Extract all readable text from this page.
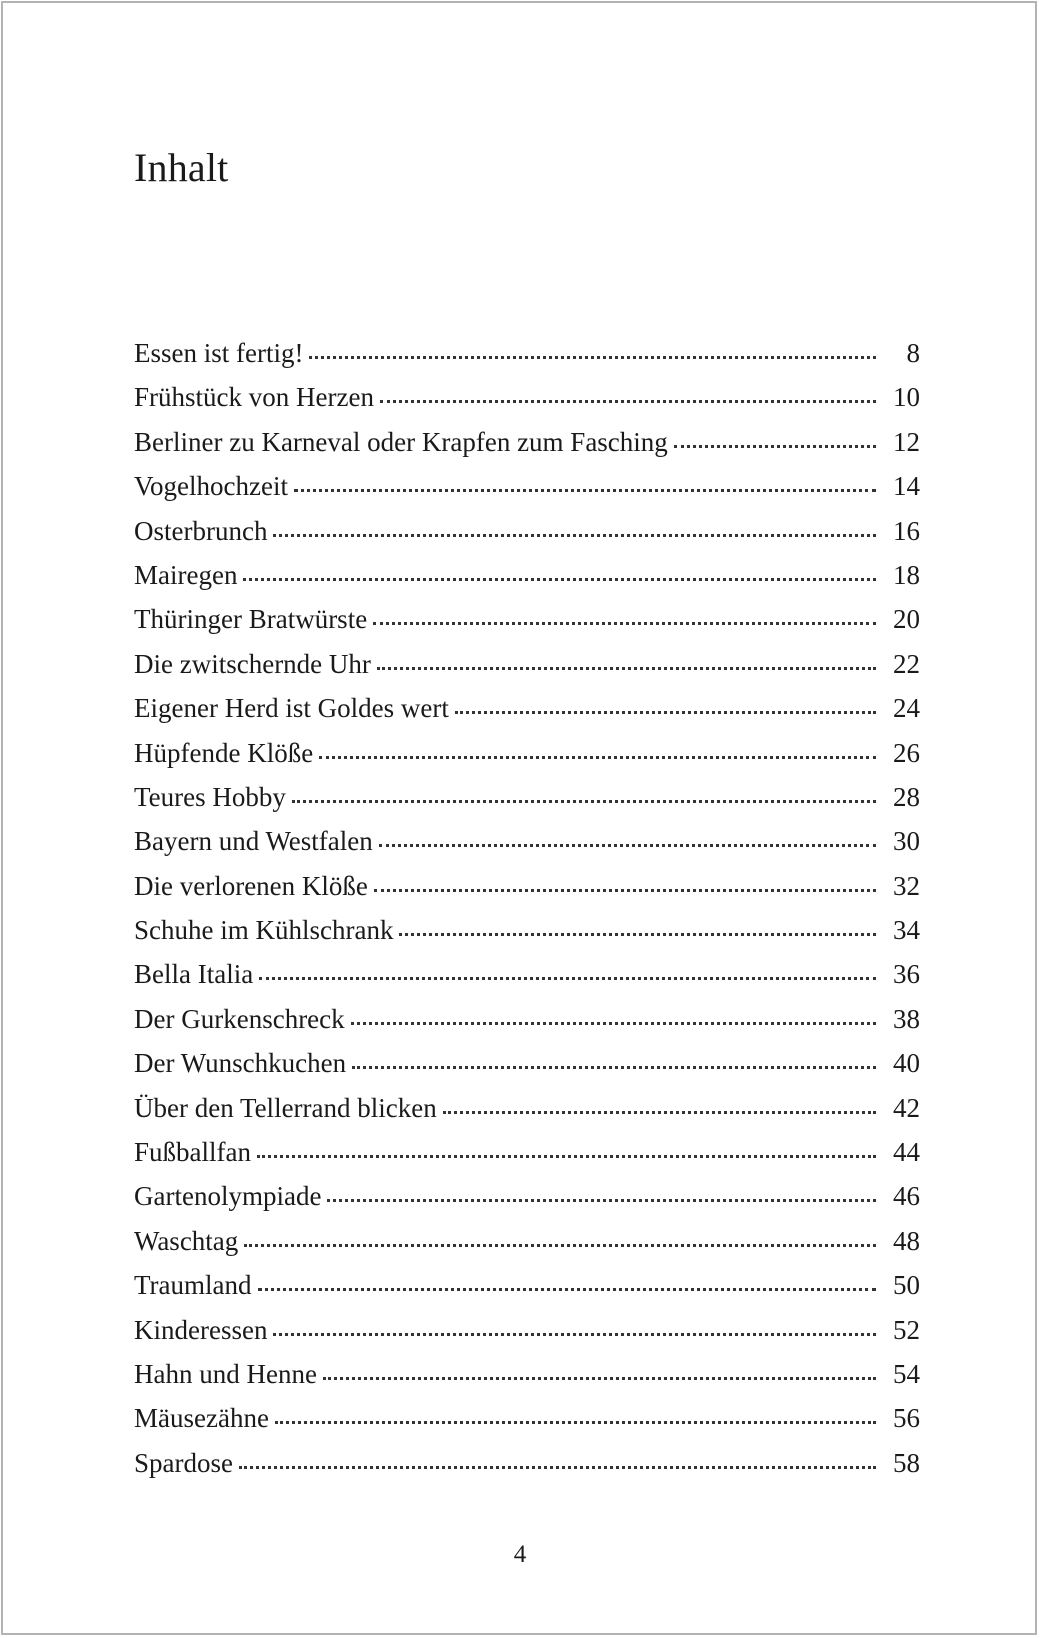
Inhalt
Essen ist fertig!	8
Frühstück von Herzen	10
Berliner zu Karneval oder Krapfen zum Fasching	12
Vogelhochzeit	14
Osterbrunch	16
Mairegen	18
Thüringer Bratwürste	20
Die zwitschernde Uhr	22
Eigener Herd ist Goldes wert	24
Hüpfende Klöße	26
Teures Hobby	28
Bayern und Westfalen	30
Die verlorenen Klöße	32
Schuhe im Kühlschrank	34
Bella Italia	36
Der Gurkenschreck	38
Der Wunschkuchen	40
Über den Tellerrand blicken	42
Fußballfan	44
Gartenolympiade	46
Waschtag	48
Traumland	50
Kinderessen	52
Hahn und Henne	54
Mäusezähne	56
Spardose	58
4
